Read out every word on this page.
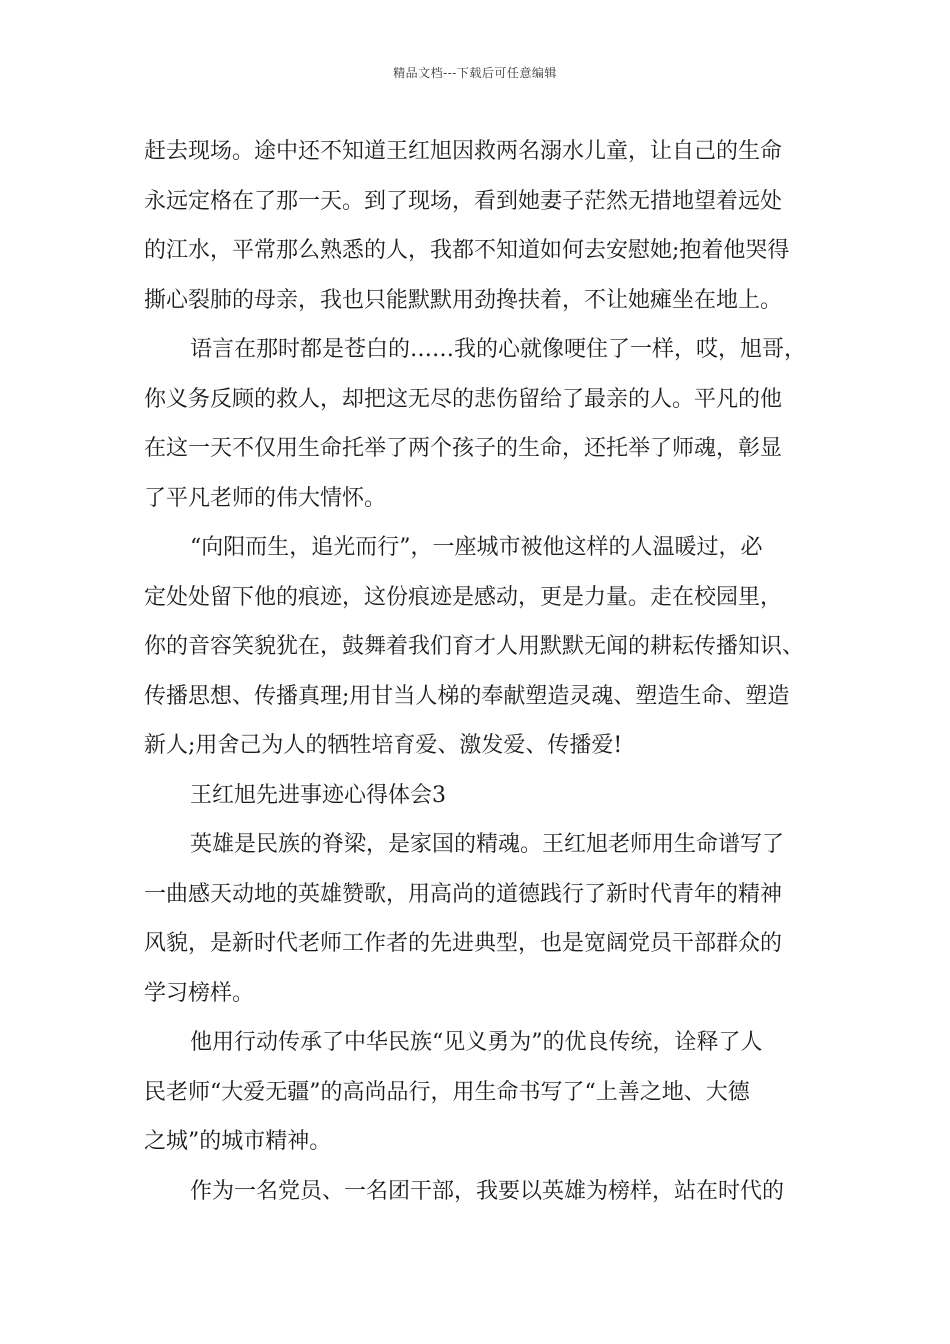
精品文档---下载后可任意编辑
赶去现场。途中还不知道王红旭因救两名溺水儿童，让自己的生命
永远定格在了那一天。到了现场，看到她妻子茫然无措地望着远处
的江水，平常那么熟悉的人，我都不知道如何去安慰她;抱着他哭得
撕心裂肺的母亲，我也只能默默用劲搀扶着，不让她瘫坐在地上。
语言在那时都是苍白的……我的心就像哽住了一样，哎，旭哥，
你义务反顾的救人，却把这无尽的悲伤留给了最亲的人。平凡的他
在这一天不仅用生命托举了两个孩子的生命，还托举了师魂，彰显
了平凡老师的伟大情怀。
“向阳而生，追光而行”，一座城市被他这样的人温暖过，必
定处处留下他的痕迹，这份痕迹是感动，更是力量。走在校园里，
你的音容笑貌犹在，鼓舞着我们育才人用默默无闻的耕耘传播知识、
传播思想、传播真理;用甘当人梯的奉献塑造灵魂、塑造生命、塑造
新人;用舍己为人的牺牲培育爱、激发爱、传播爱!
王红旭先进事迹心得体会3
英雄是民族的脊梁，是家国的精魂。王红旭老师用生命谱写了
一曲感天动地的英雄赞歌，用高尚的道德践行了新时代青年的精神
风貌，是新时代老师工作者的先进典型，也是宽阔党员干部群众的
学习榜样。
他用行动传承了中华民族“见义勇为”的优良传统，诠释了人
民老师“大爱无疆”的高尚品行，用生命书写了“上善之地、大德
之城”的城市精神。
作为一名党员、一名团干部，我要以英雄为榜样，站在时代的
